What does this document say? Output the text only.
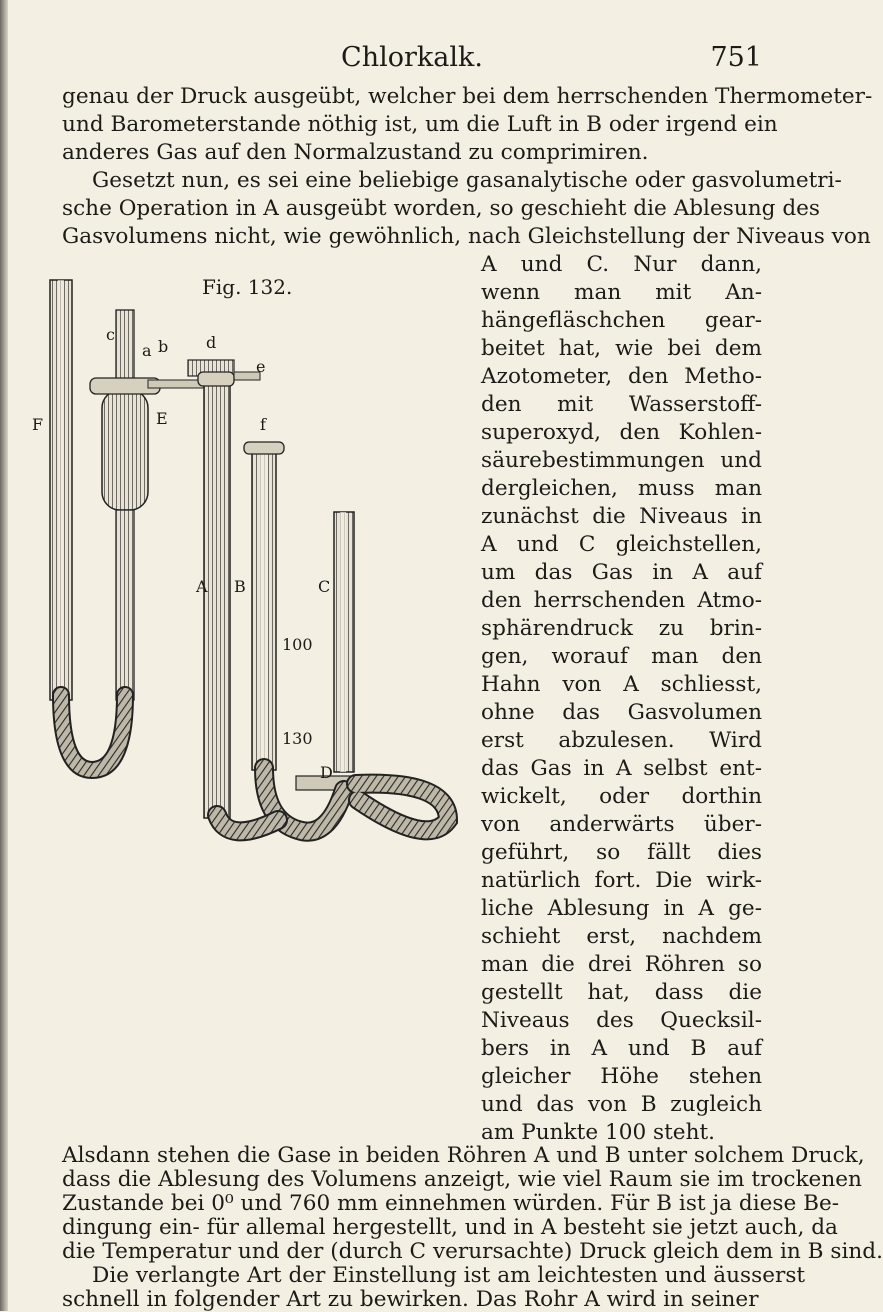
Chlorkalk.	751
genau der Druck ausgeübt, welcher bei dem herrschenden Thermometer-
und Barometerstande nöthig ist, um die Luft in B oder irgend ein
anderes Gas auf den Normalzustand zu comprimiren.
Gesetzt nun, es sei eine beliebige gasanalytische oder gasvolumetri-
sche Operation in A ausgeübt worden, so geschieht die Ablesung des
Gasvolumens nicht, wie gewöhnlich, nach Gleichstellung der Niveaus von
Fig. 132.
c
a b d
e
f
F	E
A B	C
D
100
130
A und C. Nur dann,
wenn man mit An-
hängefläschchen gear-
beitet hat, wie bei dem
Azotometer, den Metho-
den mit Wasserstoff-
superoxyd, den Kohlen-
säurebestimmungen und
dergleichen, muss man
zunächst die Niveaus in
A und C gleichstellen,
um das Gas in A auf
den herrschenden Atmo-
sphärendruck zu brin-
gen, worauf man den
Hahn von A schliesst,
ohne das Gasvolumen
erst abzulesen. Wird
das Gas in A selbst ent-
wickelt, oder dorthin
von anderwärts über-
geführt, so fällt dies
natürlich fort. Die wirk-
liche Ablesung in A ge-
schieht erst, nachdem
man die drei Röhren so
gestellt hat, dass die
Niveaus des Quecksil-
bers in A und B auf
gleicher Höhe stehen
und das von B zugleich
am Punkte 100 steht.
Alsdann stehen die Gase in beiden Röhren A und B unter solchem Druck,
dass die Ablesung des Volumens anzeigt, wie viel Raum sie im trockenen
Zustande bei 0⁰ und 760 mm einnehmen würden. Für B ist ja diese Be-
dingung ein- für allemal hergestellt, und in A besteht sie jetzt auch, da
die Temperatur und der (durch C verursachte) Druck gleich dem in B sind.
Die verlangte Art der Einstellung ist am leichtesten und äusserst
schnell in folgender Art zu bewirken. Das Rohr A wird in seiner
